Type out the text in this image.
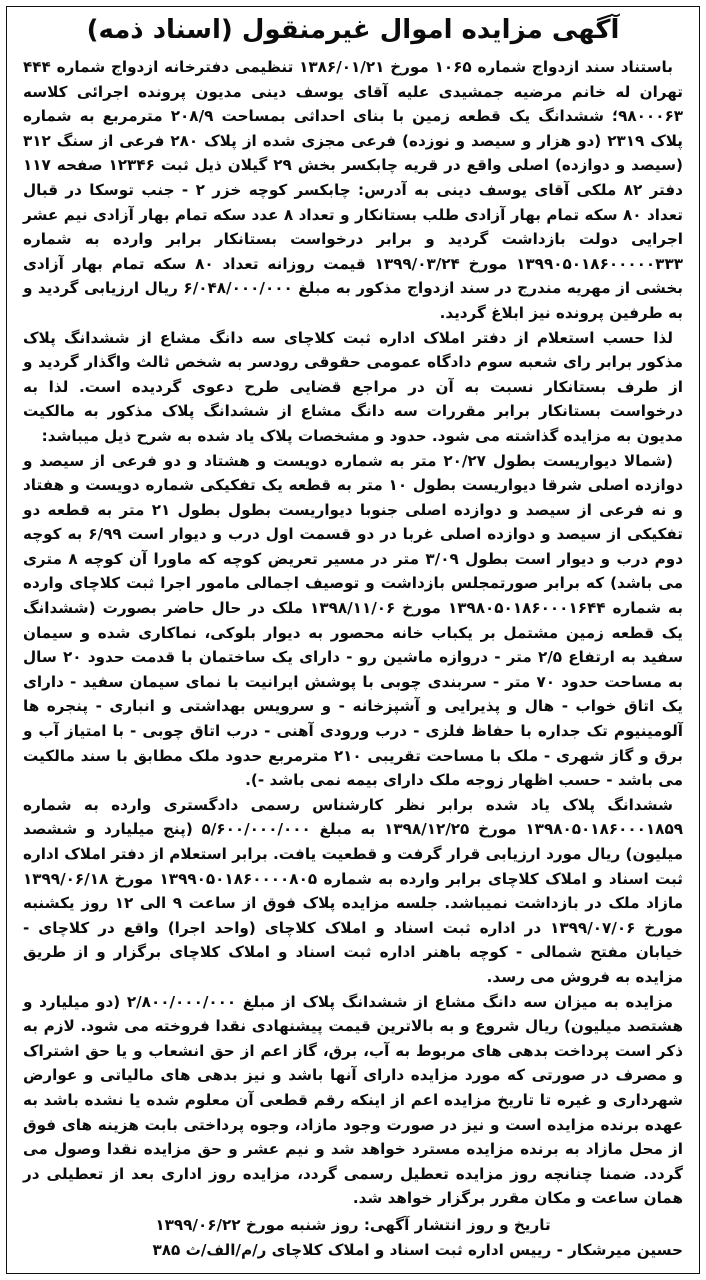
آگهی مزایده اموال غیرمنقول (اسناد ذمه)

باستناد سند ازدواج شماره ۱۰۶۵ مورخ ۱۳۸۶/۰۱/۲۱ تنظیمی دفترخانه ازدواج شماره ۴۴۴ تهران له خانم مرضیه جمشیدی علیه آقای یوسف دینی مدیون پرونده اجرائی کلاسه ۹۸۰۰۰۶۳؛ ششدانگ یک قطعه زمین با بنای احداثی بمساحت ۲۰۸/۹ مترمربع به شماره پلاک ۲۳۱۹ (دو هزار و سیصد و نوزده) فرعی مجزی شده از پلاک ۲۸۰ فرعی از سنگ ۳۱۲ (سیصد و دوازده) اصلی واقع در قریه چابکسر بخش ۲۹ گیلان ذیل ثبت ۱۲۳۴۶ صفحه ۱۱۷ دفتر ۸۲ ملکی آقای یوسف دینی به آدرس: چابکسر کوچه خزر ۲ - جنب توسکا در قبال تعداد ۸۰ سکه تمام بهار آزادی طلب بستانکار و تعداد ۸ عدد سکه تمام بهار آزادی نیم عشر اجرایی دولت بازداشت گردید و برابر درخواست بستانکار برابر وارده به شماره ۱۳۹۹۰۵۰۱۸۶۰۰۰۰۰۳۳۳ مورخ ۱۳۹۹/۰۳/۲۴ قیمت روزانه تعداد ۸۰ سکه تمام بهار آزادی بخشی از مهریه مندرج در سند ازدواج مذکور به مبلغ ۶/۰۴۸/۰۰۰/۰۰۰ ریال ارزیابی گردید و به طرفین پرونده نیز ابلاغ گردید.

لذا حسب استعلام از دفتر املاک اداره ثبت کلاچای سه دانگ مشاع از ششدانگ پلاک مذکور برابر رای شعبه سوم دادگاه عمومی حقوقی رودسر به شخص ثالث واگذار گردید و از طرف بستانکار نسبت به آن در مراجع قضایی طرح دعوی گردیده است. لذا به درخواست بستانکار برابر مقررات سه دانگ مشاع از ششدانگ پلاک مذکور به مالکیت مدیون به مزایده گذاشته می شود. حدود و مشخصات پلاک یاد شده به شرح ذیل میباشد:

(شمالا دیواریست بطول ۲۰/۲۷ متر به شماره دویست و هشتاد و دو فرعی از سیصد و دوازده اصلی شرقا دیواریست بطول ۱۰ متر به قطعه یک تفکیکی شماره دویست و هفتاد و نه فرعی از سیصد و دوازده اصلی جنوبا دیواریست بطول بطول ۲۱ متر به قطعه دو تفکیکی از سیصد و دوازده اصلی غربا در دو قسمت اول درب و دیوار است ۶/۹۹ به کوچه دوم درب و دیوار است بطول ۳/۰۹ متر در مسیر تعریض کوچه که ماورا آن کوچه ۸ متری می باشد) که برابر صورتمجلس بازداشت و توصیف اجمالی مامور اجرا ثبت کلاچای وارده به شماره ۱۳۹۸۰۵۰۱۸۶۰۰۰۱۶۴۴ مورخ ۱۳۹۸/۱۱/۰۶ ملک در حال حاضر بصورت (ششدانگ یک قطعه زمین مشتمل بر یکباب خانه محصور به دیوار بلوکی، نماکاری شده و سیمان سفید به ارتفاع ۲/۵ متر - دروازه ماشین رو - دارای یک ساختمان با قدمت حدود ۲۰ سال به مساحت حدود ۷۰ متر - سربندی چوبی با پوشش ایرانیت با نمای سیمان سفید - دارای یک اتاق خواب - هال و پذیرایی و آشپزخانه - و سرویس بهداشتی و انباری - پنجره ها آلومینیوم تک جداره با حفاظ فلزی - درب ورودی آهنی - درب اتاق چوبی - با امتیاز آب و برق و گاز شهری - ملک با مساحت تقریبی ۲۱۰ مترمربع حدود ملک مطابق با سند مالکیت می باشد - حسب اظهار زوجه ملک دارای بیمه نمی باشد -).

ششدانگ پلاک یاد شده برابر نظر کارشناس رسمی دادگستری وارده به شماره ۱۳۹۸۰۵۰۱۸۶۰۰۰۱۸۵۹ مورخ ۱۳۹۸/۱۲/۲۵ به مبلغ ۵/۶۰۰/۰۰۰/۰۰۰ (پنج میلیارد و ششصد میلیون) ریال مورد ارزیابی قرار گرفت و قطعیت یافت. برابر استعلام از دفتر املاک اداره ثبت اسناد و املاک کلاچای برابر وارده به شماره ۱۳۹۹۰۵۰۱۸۶۰۰۰۰۸۰۵ مورخ ۱۳۹۹/۰۶/۱۸ مازاد ملک در بازداشت نمیباشد. جلسه مزایده پلاک فوق از ساعت ۹ الی ۱۲ روز یکشنبه مورخ ۱۳۹۹/۰۷/۰۶ در اداره ثبت اسناد و املاک کلاچای (واحد اجرا) واقع در کلاچای - خیابان مفتح شمالی - کوچه باهنر اداره ثبت اسناد و املاک کلاچای برگزار و از طریق مزایده به فروش می رسد.

مزایده به میزان سه دانگ مشاع از ششدانگ پلاک از مبلغ ۲/۸۰۰/۰۰۰/۰۰۰ (دو میلیارد و هشتصد میلیون) ریال شروع و به بالاترین قیمت پیشنهادی نقدا فروخته می شود. لازم به ذکر است پرداخت بدهی های مربوط به آب، برق، گاز اعم از حق انشعاب و یا حق اشتراک و مصرف در صورتی که مورد مزایده دارای آنها باشد و نیز بدهی های مالیاتی و عوارض شهرداری و غیره تا تاریخ مزایده اعم از اینکه رقم قطعی آن معلوم شده یا نشده باشد به عهده برنده مزایده است و نیز در صورت وجود مازاد، وجوه پرداختی بابت هزینه های فوق از محل مازاد به برنده مزایده مسترد خواهد شد و نیم عشر و حق مزایده نقدا وصول می گردد. ضمنا چنانچه روز مزایده تعطیل رسمی گردد، مزایده روز اداری بعد از تعطیلی در همان ساعت و مکان مقرر برگزار خواهد شد.

تاریخ و روز انتشار آگهی: روز شنبه مورخ ۱۳۹۹/۰۶/۲۲

حسین میرشکار - رییس اداره ثبت اسناد و املاک کلاچای ر/م/الف/ث ۳۸۵
